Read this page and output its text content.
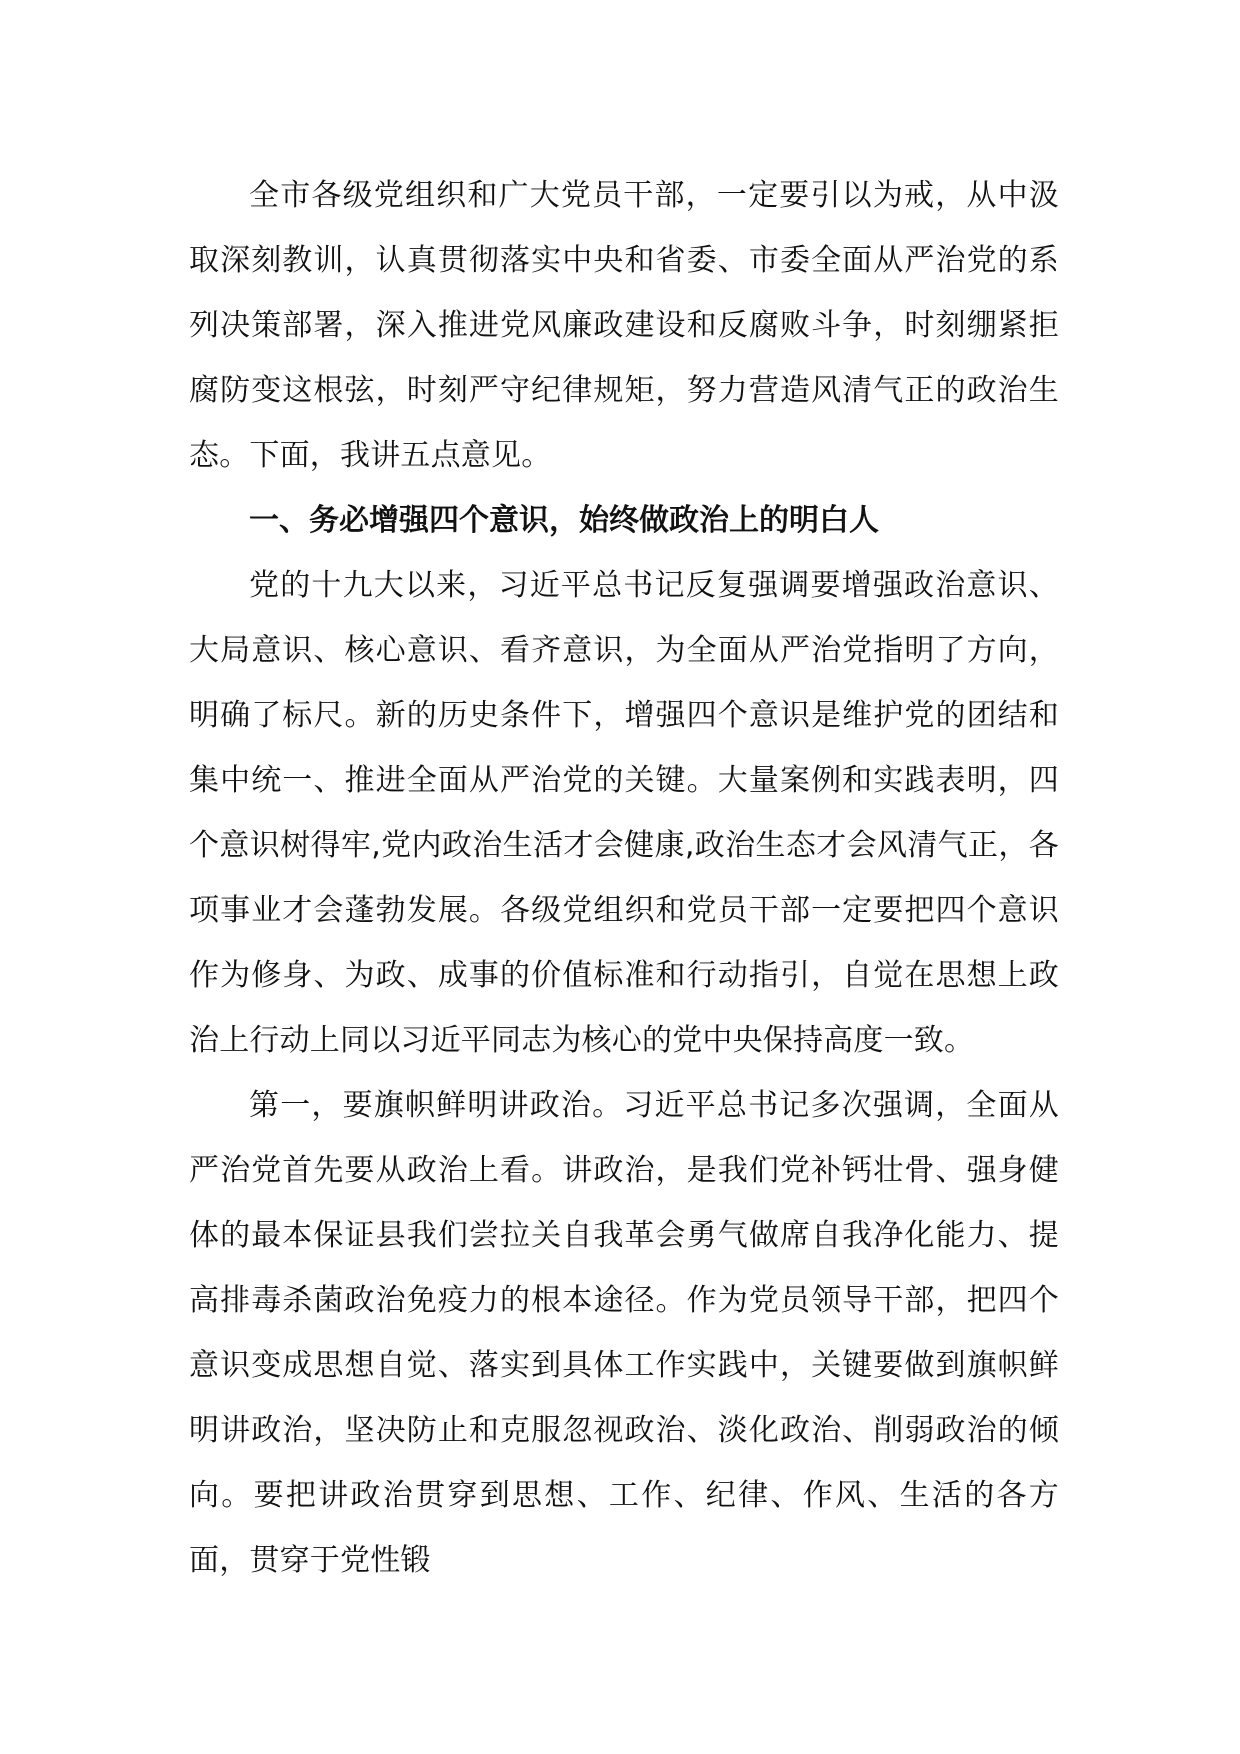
全市各级党组织和广大党员干部，一定要引以为戒，从中汲取深刻教训，认真贯彻落实中央和省委、市委全面从严治党的系列决策部署，深入推进党风廉政建设和反腐败斗争，时刻绷紧拒腐防变这根弦，时刻严守纪律规矩，努力营造风清气正的政治生态。下面，我讲五点意见。

一、务必增强四个意识，始终做政治上的明白人

党的十九大以来，习近平总书记反复强调要增强政治意识、大局意识、核心意识、看齐意识，为全面从严治党指明了方向，明确了标尺。新的历史条件下，增强四个意识是维护党的团结和集中统一、推进全面从严治党的关键。大量案例和实践表明，四个意识树得牢,党内政治生活才会健康,政治生态才会风清气正，各项事业才会蓬勃发展。各级党组织和党员干部一定要把四个意识作为修身、为政、成事的价值标准和行动指引，自觉在思想上政治上行动上同以习近平同志为核心的党中央保持高度一致。

第一，要旗帜鲜明讲政治。习近平总书记多次强调，全面从严治党首先要从政治上看。讲政治，是我们党补钙壮骨、强身健体的最本保证县我们尝拉关自我革会勇气做席自我净化能力、提高排毒杀菌政治免疫力的根本途径。作为党员领导干部，把四个意识变成思想自觉、落实到具体工作实践中，关键要做到旗帜鲜明讲政治，坚决防止和克服忽视政治、淡化政治、削弱政治的倾向。要把讲政治贯穿到思想、工作、纪律、作风、生活的各方面，贯穿于党性锻
